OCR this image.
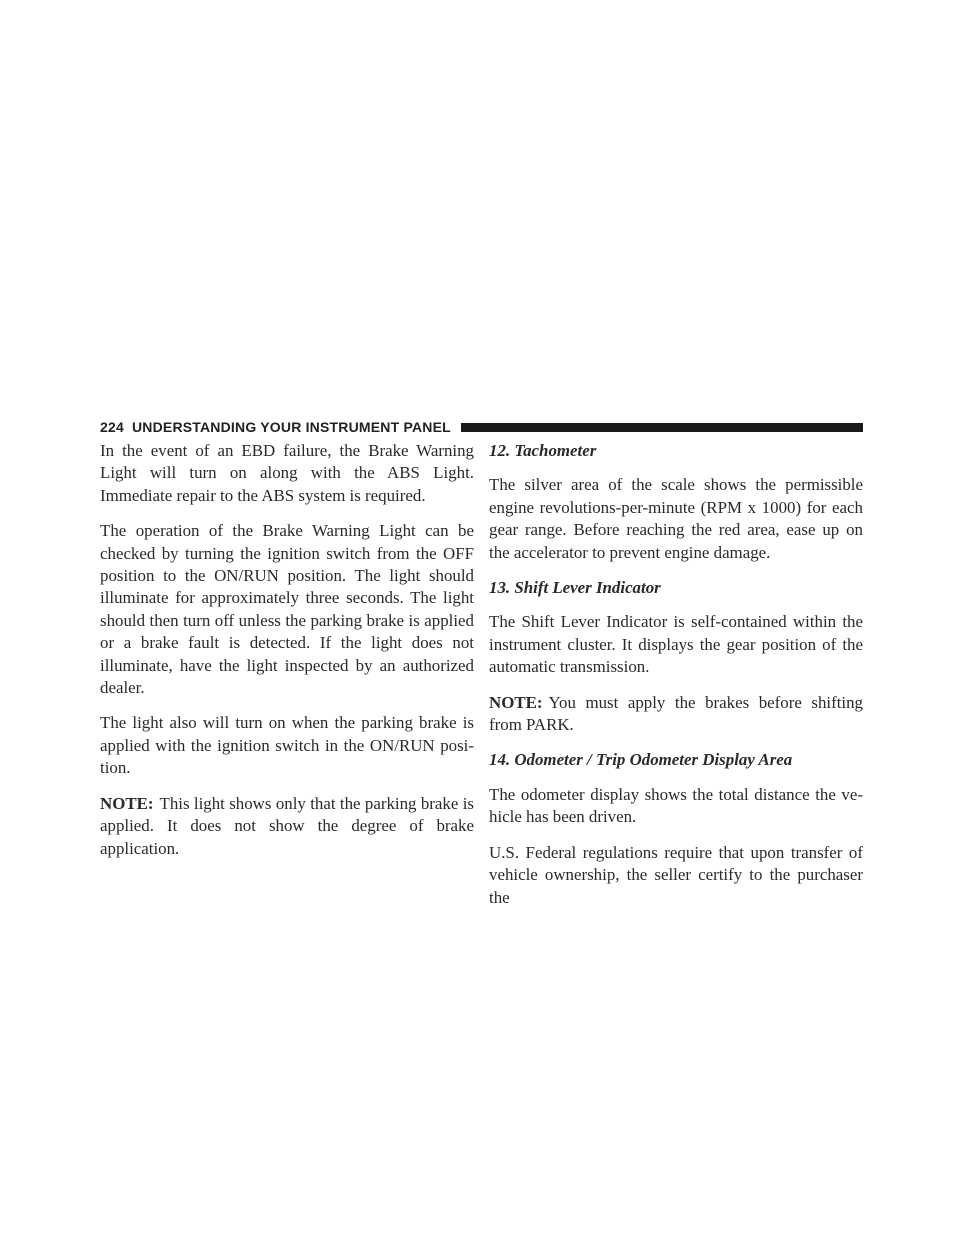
224 UNDERSTANDING YOUR INSTRUMENT PANEL

In the event of an EBD failure, the Brake Warning Light will turn on along with the ABS Light. Immediate repair to the ABS system is required.

The operation of the Brake Warning Light can be checked by turning the ignition switch from the OFF position to the ON/RUN position. The light should illuminate for approximately three seconds. The light should then turn off unless the parking brake is applied or a brake fault is detected. If the light does not illuminate, have the light inspected by an authorized dealer.

The light also will turn on when the parking brake is applied with the ignition switch in the ON/RUN posi-tion.

NOTE: This light shows only that the parking brake is applied. It does not show the degree of brake application.

12. Tachometer

The silver area of the scale shows the permissible engine revolutions-per-minute (RPM x 1000) for each gear range. Before reaching the red area, ease up on the accelerator to prevent engine damage.

13. Shift Lever Indicator

The Shift Lever Indicator is self-contained within the instrument cluster. It displays the gear position of the automatic transmission.

NOTE: You must apply the brakes before shifting from PARK.

14. Odometer / Trip Odometer Display Area

The odometer display shows the total distance the ve-hicle has been driven.

U.S. Federal regulations require that upon transfer of vehicle ownership, the seller certify to the purchaser the
